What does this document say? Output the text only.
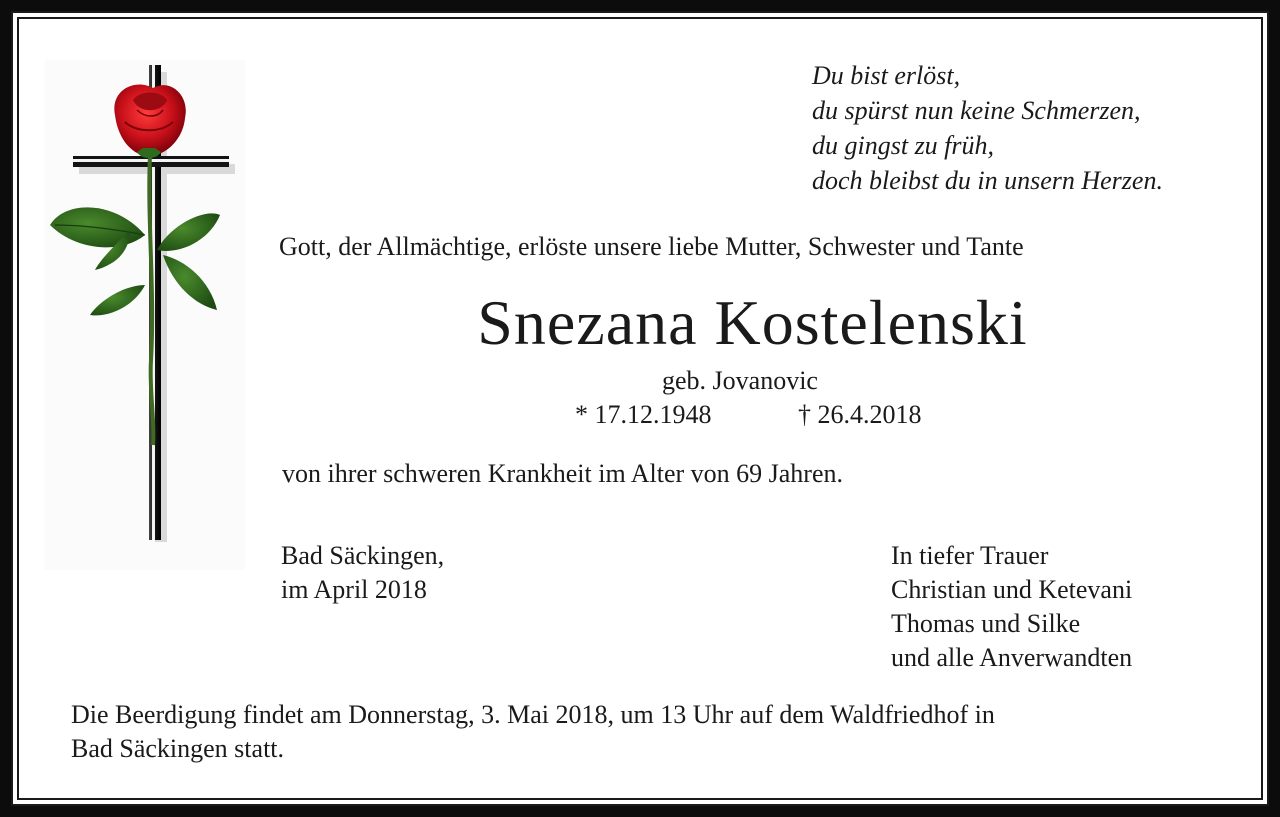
Du bist erlöst,
du spürst nun keine Schmerzen,
du gingst zu früh,
doch bleibst du in unsern Herzen.
Gott, der Allmächtige, erlöste unsere liebe Mutter, Schwester und Tante
Snezana Kostelenski
geb. Jovanovic
* 17.12.1948	† 26.4.2018
von ihrer schweren Krankheit im Alter von 69 Jahren.
Bad Säckingen,
im April 2018
In tiefer Trauer
Christian und Ketevani
Thomas und Silke
und alle Anverwandten
Die Beerdigung findet am Donnerstag, 3. Mai 2018, um 13 Uhr auf dem Waldfriedhof in
Bad Säckingen statt.
